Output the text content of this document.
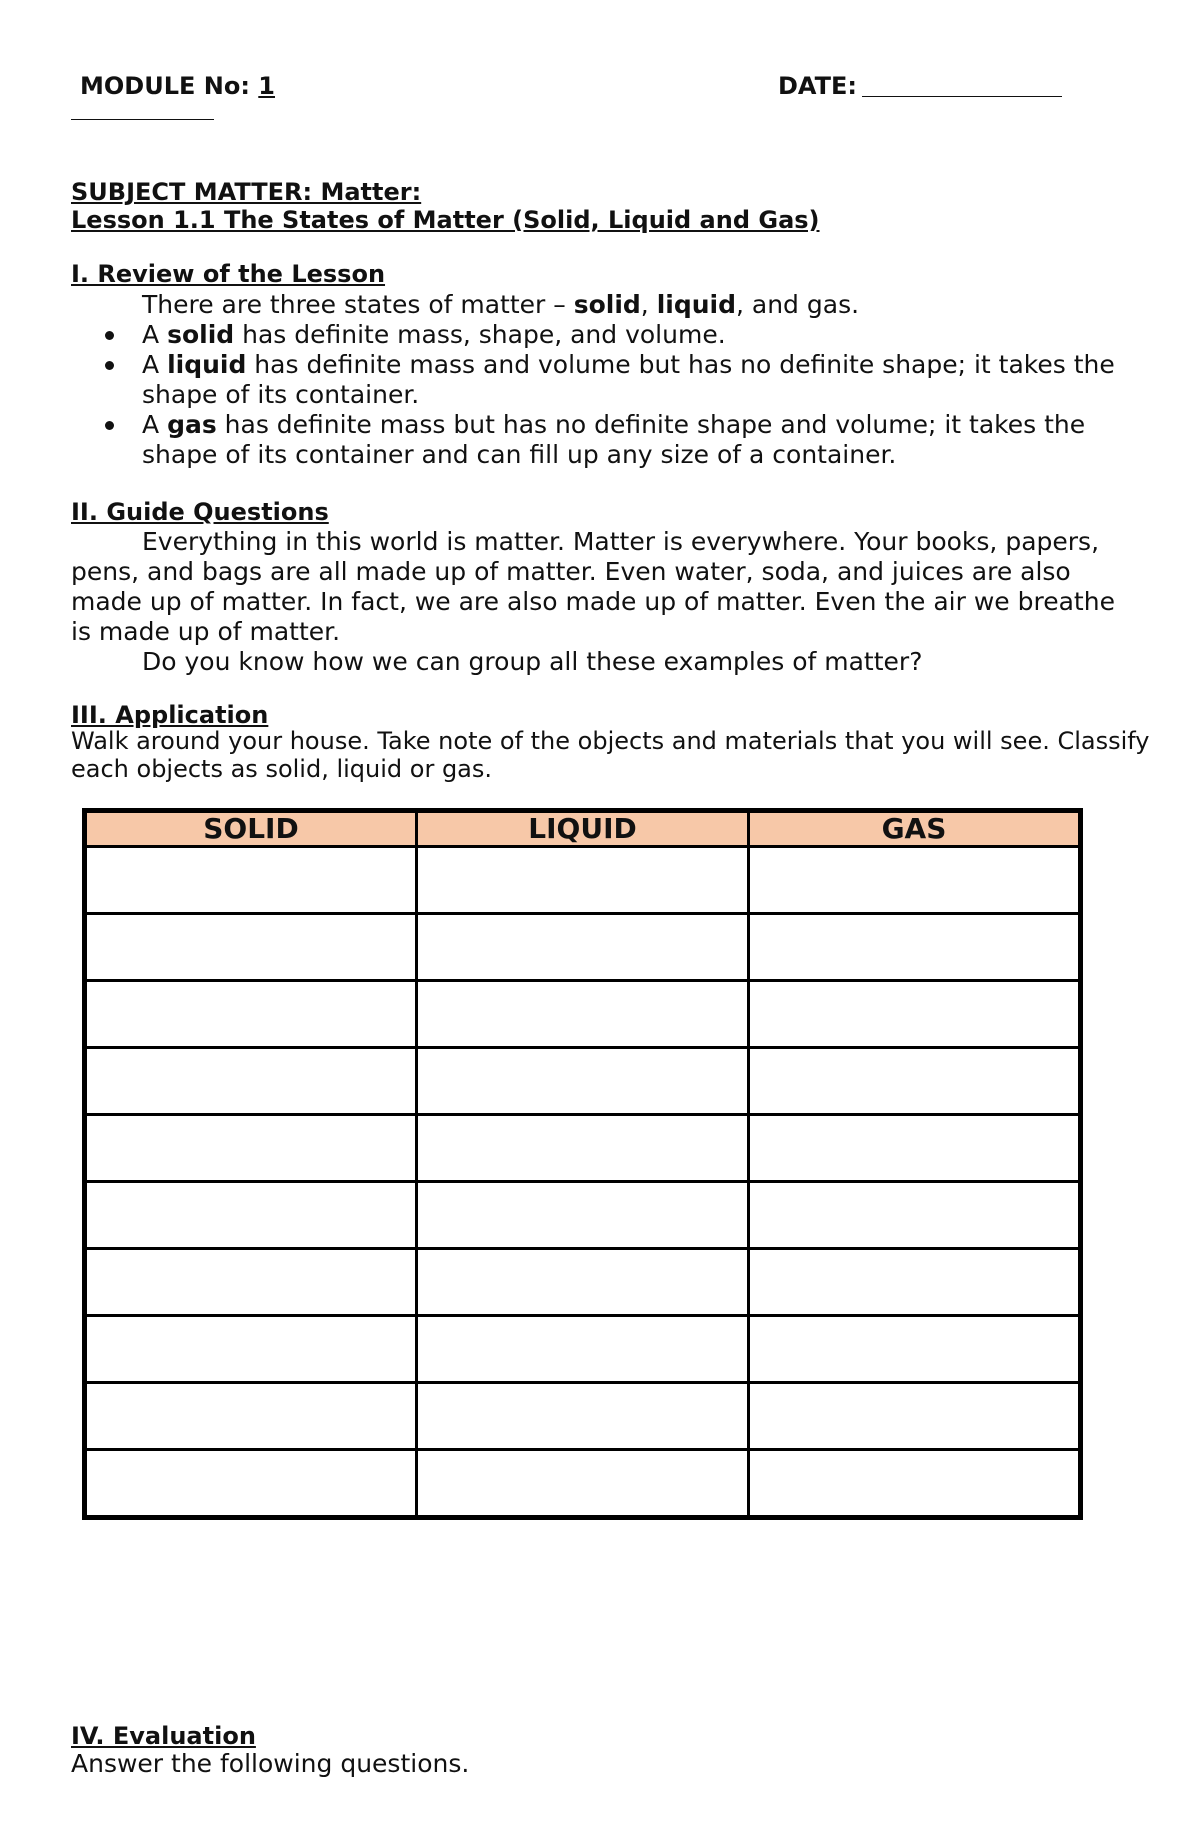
MODULE No: 1	DATE:
SUBJECT MATTER: Matter:
Lesson 1.1 The States of Matter (Solid, Liquid and Gas)
I. Review of the Lesson
There are three states of matter – solid, liquid, and gas.
A solid has definite mass, shape, and volume.
A liquid has definite mass and volume but has no definite shape; it takes the shape of its container.
A gas has definite mass but has no definite shape and volume; it takes the shape of its container and can fill up any size of a container.
II. Guide Questions

Everything in this world is matter. Matter is everywhere. Your books, papers, pens, and bags are all made up of matter. Even water, soda, and juices are also made up of matter. In fact, we are also made up of matter. Even the air we breathe is made up of matter.

Do you know how we can group all these examples of matter?

III. Application
Walk around your house. Take note of the objects and materials that you will see. Classify each objects as solid, liquid or gas.
SOLID	LIQUID	GAS

IV. Evaluation
Answer the following questions.
